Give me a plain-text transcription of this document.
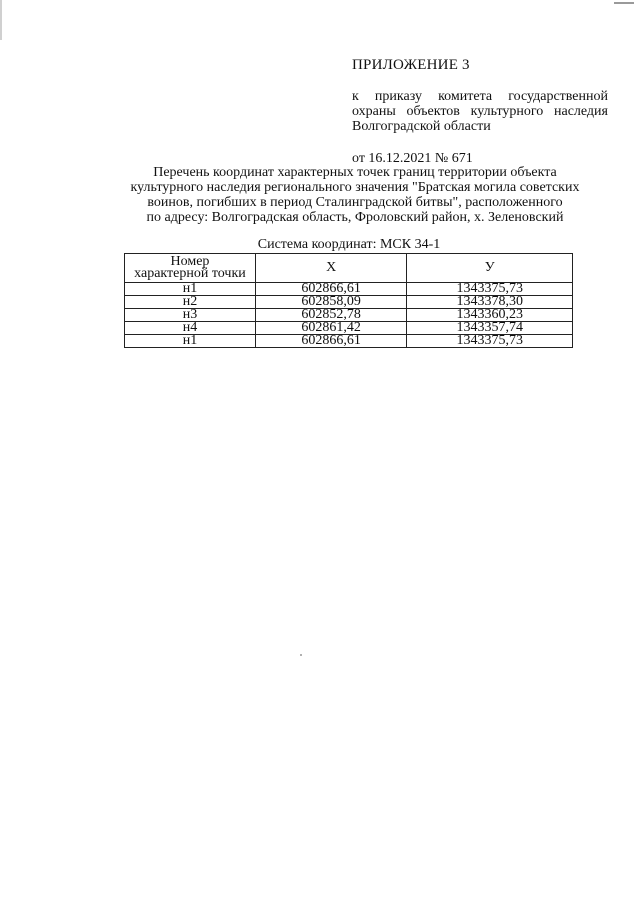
ПРИЛОЖЕНИЕ 3
к приказу комитета государственной охраны объектов культурного наследия Волгоградской области
от 16.12.2021 № 671
Перечень координат характерных точек границ территории объекта
культурного наследия регионального значения "Братская могила советских
воинов, погибших в период Сталинградской битвы", расположенного
по адресу: Волгоградская область, Фроловский район, х. Зеленовский
Система координат: МСК 34-1
Номер
характерной точки	X	У
н1	602866,61	1343375,73
н2	602858,09	1343378,30
н3	602852,78	1343360,23
н4	602861,42	1343357,74
н1	602866,61	1343375,73
